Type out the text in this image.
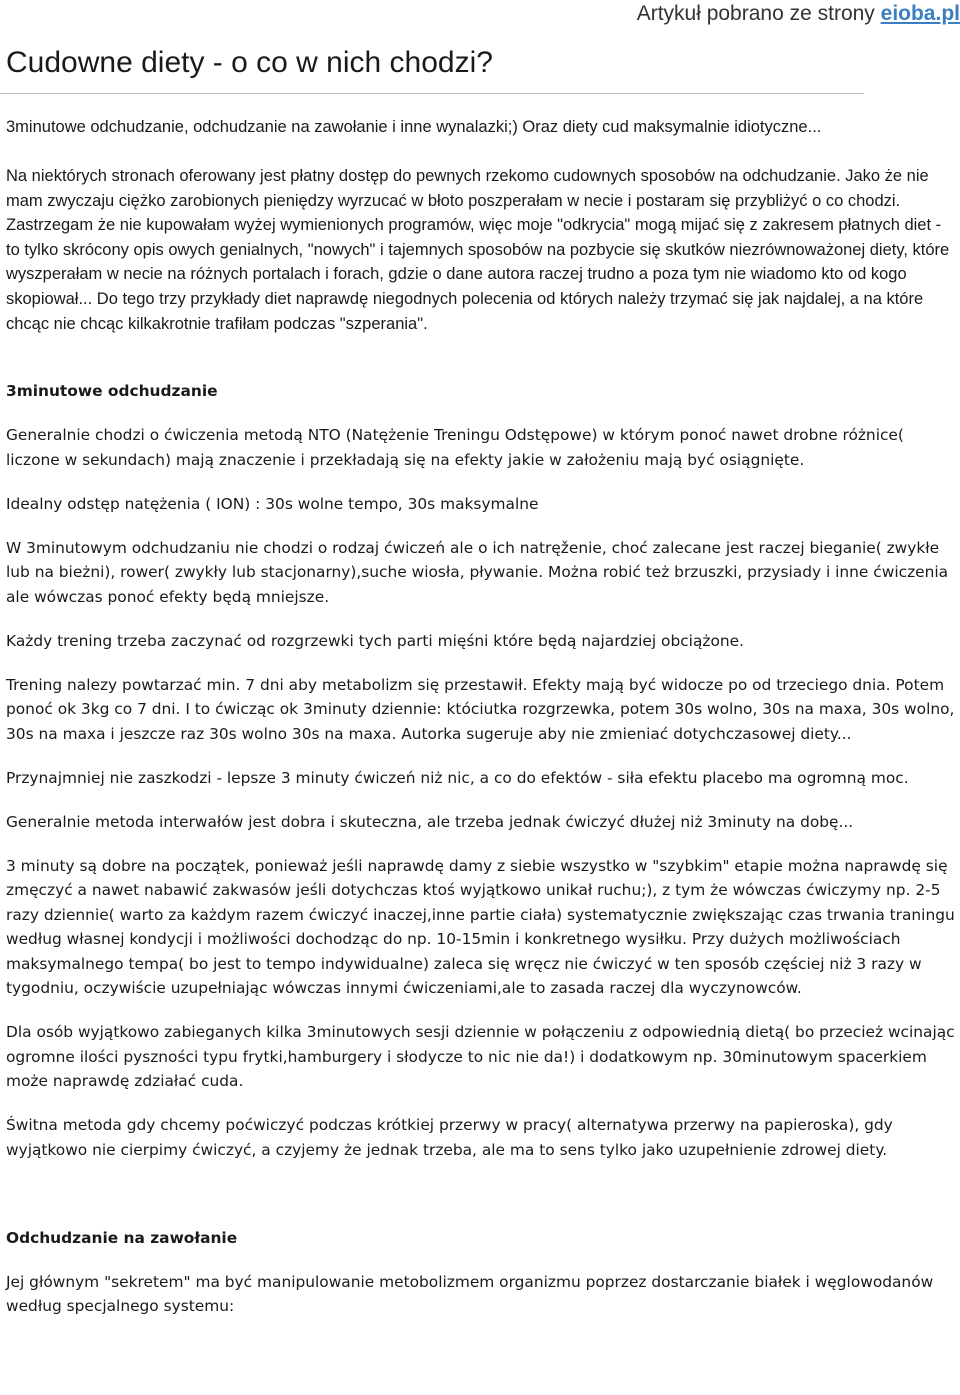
Artykuł pobrano ze strony eioba.pl
Cudowne diety - o co w nich chodzi?

3minutowe odchudzanie, odchudzanie na zawołanie i inne wynalazki;) Oraz diety cud maksymalnie idiotyczne...

Na niektórych stronach oferowany jest płatny dostęp do pewnych rzekomo cudownych sposobów na odchudzanie. Jako że nie mam zwyczaju ciężko zarobionych pieniędzy wyrzucać w błoto poszperałam w necie i postaram się przybliżyć o co chodzi. Zastrzegam że nie kupowałam wyżej wymienionych programów, więc moje "odkrycia" mogą mijać się z zakresem płatnych diet - to tylko skrócony opis owych genialnych, "nowych" i tajemnych sposobów na pozbycie się skutków niezrównoważonej diety, które wyszperałam w necie na różnych portalach i forach, gdzie o dane autora raczej trudno a poza tym nie wiadomo kto od kogo skopiował... Do tego trzy przykłady diet naprawdę niegodnych polecenia od których należy trzymać się jak najdalej, a na które chcąc nie chcąc kilkakrotnie trafiłam podczas "szperania".

3minutowe odchudzanie

Generalnie chodzi o ćwiczenia metodą NTO (Natężenie Treningu Odstępowe) w którym ponoć nawet drobne różnice( liczone w sekundach) mają znaczenie i przekładają się na efekty jakie w założeniu mają być osiągnięte.

Idealny odstęp natężenia ( ION) : 30s wolne tempo, 30s maksymalne

W 3minutowym odchudzaniu nie chodzi o rodzaj ćwiczeń ale o ich natręženie, choć zalecane jest raczej bieganie( zwykłe lub na bieżni), rower( zwykły lub stacjonarny),suche wiosła, pływanie. Można robić też brzuszki, przysiady i inne ćwiczenia ale wówczas ponoć efekty będą mniejsze.

Każdy trening trzeba zaczynać od rozgrzewki tych parti mięśni które będą najardziej obciążone.

Trening nalezy powtarzać min. 7 dni aby metabolizm się przestawił. Efekty mają być widocze po od trzeciego dnia. Potem ponoć ok 3kg co 7 dni. I to ćwicząc ok 3minuty dziennie: któciutka rozgrzewka, potem 30s wolno, 30s na maxa, 30s wolno, 30s na maxa i jeszcze raz 30s wolno 30s na maxa. Autorka sugeruje aby nie zmieniać dotychczasowej diety...

Przynajmniej nie zaszkodzi - lepsze 3 minuty ćwiczeń niż nic, a co do efektów - siła efektu placebo ma ogromną moc.

Generalnie metoda interwałów jest dobra i skuteczna, ale trzeba jednak ćwiczyć dłużej niż 3minuty na dobę...

3 minuty są dobre na początek, ponieważ jeśli naprawdę damy z siebie wszystko w "szybkim" etapie można naprawdę się zmęczyć a nawet nabawić zakwasów jeśli dotychczas ktoś wyjątkowo unikał ruchu;), z tym że wówczas ćwiczymy np. 2-5 razy dziennie( warto za każdym razem ćwiczyć inaczej,inne partie ciała) systematycznie zwiększając czas trwania traningu według własnej kondycji i możliwości dochodząc do np. 10-15min i konkretnego wysiłku. Przy dużych możliwościach maksymalnego tempa( bo jest to tempo indywidualne) zaleca się wręcz nie ćwiczyć w ten sposób częściej niż 3 razy w tygodniu, oczywiście uzupełniając wówczas innymi ćwiczeniami,ale to zasada raczej dla wyczynowców.

Dla osób wyjątkowo zabieganych kilka 3minutowych sesji dziennie w połączeniu z odpowiednią dietą( bo przecież wcinając ogromne ilości pyszności typu frytki,hamburgery i słodycze to nic nie da!) i dodatkowym np. 30minutowym spacerkiem może naprawdę zdziałać cuda.

Świtna metoda gdy chcemy poćwiczyć podczas krótkiej przerwy w pracy( alternatywa przerwy na papieroska), gdy wyjątkowo nie cierpimy ćwiczyć, a czyjemy że jednak trzeba, ale ma to sens tylko jako uzupełnienie zdrowej diety.

Odchudzanie na zawołanie

Jej głównym "sekretem" ma być manipulowanie metobolizmem organizmu poprzez dostarczanie białek i węglowodanów według specjalnego systemu:
